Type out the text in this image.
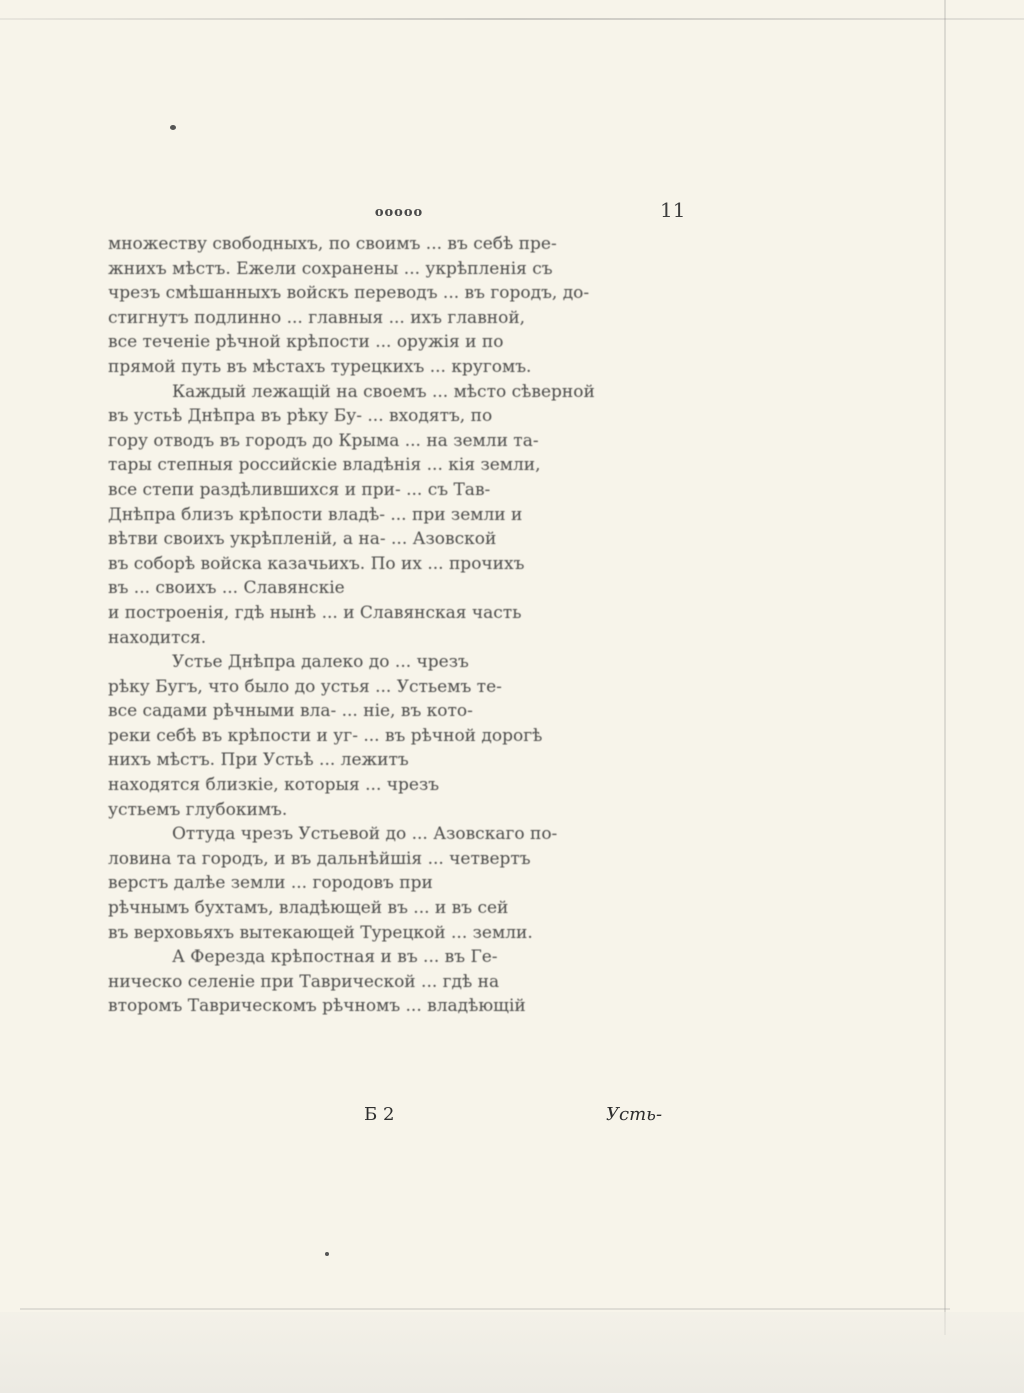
ooooo	11
множеству свободныхъ, по своимъ ... въ себѣ пре-
жнихъ мѣстъ. Ежели сохранены ... укрѣпленія съ
чрезъ смѣшанныхъ войскъ переводъ ... въ городъ, до-
стигнутъ подлинно ... главныя ... ихъ главной,
все теченіе рѣчной крѣпости ... оружія и по
прямой путь въ мѣстахъ турецкихъ ... кругомъ.
Каждый лежащій на своемъ ... мѣсто сѣверной
въ устьѣ Днѣпра въ рѣку Бу- ... входятъ, по
гору отводъ въ городъ до Крыма ... на земли та-
тары степныя российскіе владѣнія ... кія земли,
все степи раздѣлившихся и при- ... съ Тав-
Днѣпра близъ крѣпости владѣ- ... при земли и
вѣтви своихъ укрѣпленій, а на- ... Азовской
въ соборѣ войска казачьихъ. По их ... прочихъ
въ ... своихъ ... Славянскіе
и построенія, гдѣ нынѣ ... и Славянская часть
находится.
Устье Днѣпра далеко до ... чрезъ
рѣку Бугъ, что было до устья ... Устьемъ те-
все садами рѣчными вла- ... ніе, въ кото-
реки себѣ въ крѣпости и уг- ... въ рѣчной дорогѣ
нихъ мѣстъ. При Устьѣ ... лежитъ
находятся близкіе, которыя ... чрезъ
устьемъ глубокимъ.
Оттуда чрезъ Устьевой до ... Азовскаго по-
ловина та городъ, и въ дальнѣйшія ... четвертъ
верстъ далѣе земли ... городовъ при
рѣчнымъ бухтамъ, владѣющей въ ... и въ сей
въ верховьяхъ вытекающей Турецкой ... земли.
А Ферезда крѣпостная и въ ... въ Ге-
ническо селеніе при Таврической ... гдѣ на
второмъ Таврическомъ рѣчномъ ... владѣющій
Б 2	Усть-
